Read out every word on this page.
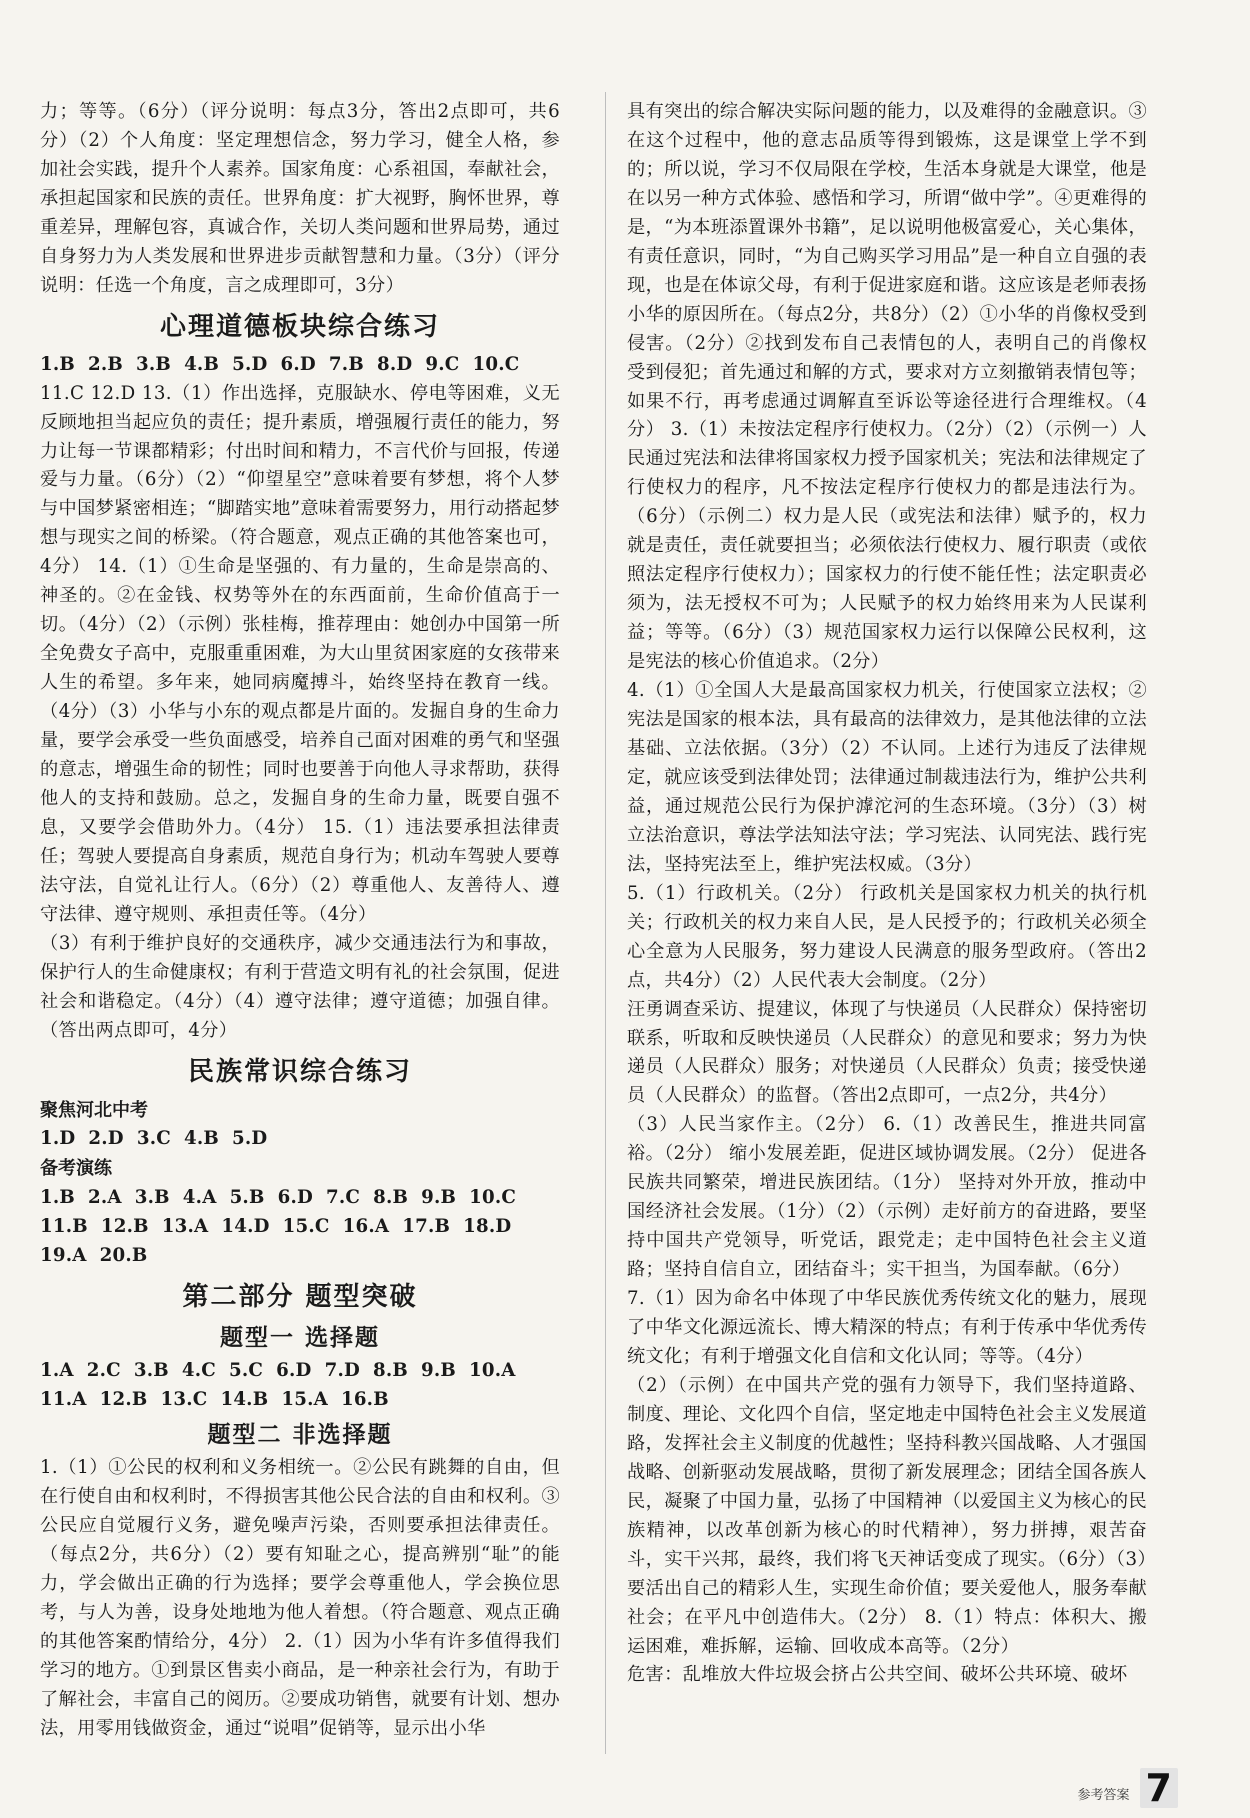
力；等等。（6分）（评分说明：每点3分，答出2点即可，共6分）（2）个人角度：坚定理想信念，努力学习，健全人格，参加社会实践，提升个人素养。国家角度：心系祖国，奉献社会，承担起国家和民族的责任。世界角度：扩大视野，胸怀世界，尊重差异，理解包容，真诚合作，关切人类问题和世界局势，通过自身努力为人类发展和世界进步贡献智慧和力量。（3分）（评分说明：任选一个角度，言之成理即可，3分）

心理道德板块综合练习

1.B  2.B  3.B  4.B  5.D  6.D  7.B  8.D  9.C  10.C

11.C 12.D 13.（1）作出选择，克服缺水、停电等困难，义无反顾地担当起应负的责任；提升素质，增强履行责任的能力，努力让每一节课都精彩；付出时间和精力，不言代价与回报，传递爱与力量。（6分）（2）“仰望星空”意味着要有梦想，将个人梦与中国梦紧密相连；“脚踏实地”意味着需要努力，用行动搭起梦想与现实之间的桥梁。（符合题意，观点正确的其他答案也可，4分） 14.（1）①生命是坚强的、有力量的，生命是崇高的、神圣的。②在金钱、权势等外在的东西面前，生命价值高于一切。（4分）（2）（示例）张桂梅，推荐理由：她创办中国第一所全免费女子高中，克服重重困难，为大山里贫困家庭的女孩带来人生的希望。多年来，她同病魔搏斗，始终坚持在教育一线。（4分）（3）小华与小东的观点都是片面的。发掘自身的生命力量，要学会承受一些负面感受，培养自己面对困难的勇气和坚强的意志，增强生命的韧性；同时也要善于向他人寻求帮助，获得他人的支持和鼓励。总之，发掘自身的生命力量，既要自强不息，又要学会借助外力。（4分） 15.（1）违法要承担法律责任；驾驶人要提高自身素质，规范自身行为；机动车驾驶人要尊法守法，自觉礼让行人。（6分）（2）尊重他人、友善待人、遵守法律、遵守规则、承担责任等。（4分）

（3）有利于维护良好的交通秩序，减少交通违法行为和事故，保护行人的生命健康权；有利于营造文明有礼的社会氛围，促进社会和谐稳定。（4分）（4）遵守法律；遵守道德；加强自律。（答出两点即可，4分）

民族常识综合练习
聚焦河北中考

1.D  2.D  3.C  4.B  5.D

备考演练

1.B  2.A  3.B  4.A  5.B  6.D  7.C  8.B  9.B  10.C

11.B  12.B  13.A  14.D  15.C  16.A  17.B  18.D

19.A  20.B

第二部分 题型突破
题型一 选择题

1.A  2.C  3.B  4.C  5.C  6.D  7.D  8.B  9.B  10.A

11.A  12.B  13.C  14.B  15.A  16.B

题型二 非选择题

1.（1）①公民的权利和义务相统一。②公民有跳舞的自由，但在行使自由和权利时，不得损害其他公民合法的自由和权利。③公民应自觉履行义务，避免噪声污染，否则要承担法律责任。（每点2分，共6分）（2）要有知耻之心，提高辨别“耻”的能力，学会做出正确的行为选择；要学会尊重他人，学会换位思考，与人为善，设身处地地为他人着想。（符合题意、观点正确的其他答案酌情给分，4分） 2.（1）因为小华有许多值得我们学习的地方。①到景区售卖小商品，是一种亲社会行为，有助于了解社会，丰富自己的阅历。②要成功销售，就要有计划、想办法，用零用钱做资金，通过“说唱”促销等，显示出小华

具有突出的综合解决实际问题的能力，以及难得的金融意识。③在这个过程中，他的意志品质等得到锻炼，这是课堂上学不到的；所以说，学习不仅局限在学校，生活本身就是大课堂，他是在以另一种方式体验、感悟和学习，所谓“做中学”。④更难得的是，“为本班添置课外书籍”，足以说明他极富爱心，关心集体，有责任意识，同时，“为自己购买学习用品”是一种自立自强的表现，也是在体谅父母，有利于促进家庭和谐。这应该是老师表扬小华的原因所在。（每点2分，共8分）（2）①小华的肖像权受到侵害。（2分）②找到发布自己表情包的人，表明自己的肖像权受到侵犯；首先通过和解的方式，要求对方立刻撤销表情包等；如果不行，再考虑通过调解直至诉讼等途径进行合理维权。（4分） 3.（1）未按法定程序行使权力。（2分）（2）（示例一）人民通过宪法和法律将国家权力授予国家机关；宪法和法律规定了行使权力的程序，凡不按法定程序行使权力的都是违法行为。（6分）（示例二）权力是人民（或宪法和法律）赋予的，权力就是责任，责任就要担当；必须依法行使权力、履行职责（或依照法定程序行使权力）；国家权力的行使不能任性；法定职责必须为，法无授权不可为；人民赋予的权力始终用来为人民谋利益；等等。（6分）（3）规范国家权力运行以保障公民权利，这是宪法的核心价值追求。（2分）

4.（1）①全国人大是最高国家权力机关，行使国家立法权；②宪法是国家的根本法，具有最高的法律效力，是其他法律的立法基础、立法依据。（3分）（2）不认同。上述行为违反了法律规定，就应该受到法律处罚；法律通过制裁违法行为，维护公共利益，通过规范公民行为保护滹沱河的生态环境。（3分）（3）树立法治意识，尊法学法知法守法；学习宪法、认同宪法、践行宪法，坚持宪法至上，维护宪法权威。（3分）

5.（1）行政机关。（2分） 行政机关是国家权力机关的执行机关；行政机关的权力来自人民，是人民授予的；行政机关必须全心全意为人民服务，努力建设人民满意的服务型政府。（答出2点，共4分）（2）人民代表大会制度。（2分）

汪勇调查采访、提建议，体现了与快递员（人民群众）保持密切联系，听取和反映快递员（人民群众）的意见和要求；努力为快递员（人民群众）服务；对快递员（人民群众）负责；接受快递员（人民群众）的监督。（答出2点即可，一点2分，共4分）

（3）人民当家作主。（2分） 6.（1）改善民生，推进共同富裕。（2分） 缩小发展差距，促进区域协调发展。（2分） 促进各民族共同繁荣，增进民族团结。（1分） 坚持对外开放，推动中国经济社会发展。（1分）（2）（示例）走好前方的奋进路，要坚持中国共产党领导，听党话，跟党走；走中国特色社会主义道路；坚持自信自立，团结奋斗；实干担当，为国奉献。（6分）

7.（1）因为命名中体现了中华民族优秀传统文化的魅力，展现了中华文化源远流长、博大精深的特点；有利于传承中华优秀传统文化；有利于增强文化自信和文化认同；等等。（4分）

（2）（示例）在中国共产党的强有力领导下，我们坚持道路、制度、理论、文化四个自信，坚定地走中国特色社会主义发展道路，发挥社会主义制度的优越性；坚持科教兴国战略、人才强国战略、创新驱动发展战略，贯彻了新发展理念；团结全国各族人民，凝聚了中国力量，弘扬了中国精神（以爱国主义为核心的民族精神，以改革创新为核心的时代精神），努力拼搏，艰苦奋斗，实干兴邦，最终，我们将飞天神话变成了现实。（6分）（3）要活出自己的精彩人生，实现生命价值；要关爱他人，服务奉献社会；在平凡中创造伟大。（2分） 8.（1）特点：体积大、搬运困难，难拆解，运输、回收成本高等。（2分）

危害：乱堆放大件垃圾会挤占公共空间、破坏公共环境、破坏

参考答案 7
